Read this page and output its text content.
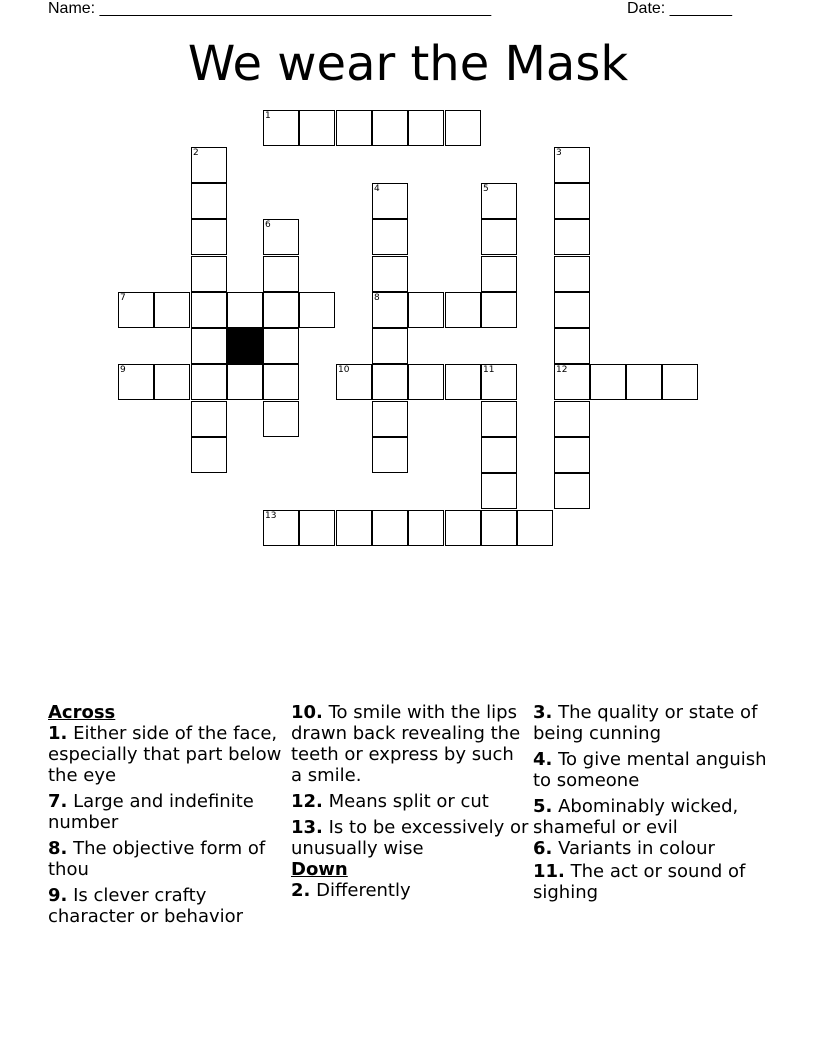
Name: ____________________________________________	Date: _______
We wear the Mask
1
2	3
4	5
6
7	8
9	10	11	12
13
Across
1. Either side of the face, especially that part below the eye
7. Large and indefinite number
8. The objective form of thou
9. Is clever crafty character or behavior
10. To smile with the lips drawn back revealing the teeth or express by such a smile.
12. Means split or cut
13. Is to be excessively or unusually wise
Down
2. Differently
3. The quality or state of being cunning
4. To give mental anguish to someone
5. Abominably wicked, shameful or evil
6. Variants in colour
11. The act or sound of sighing
